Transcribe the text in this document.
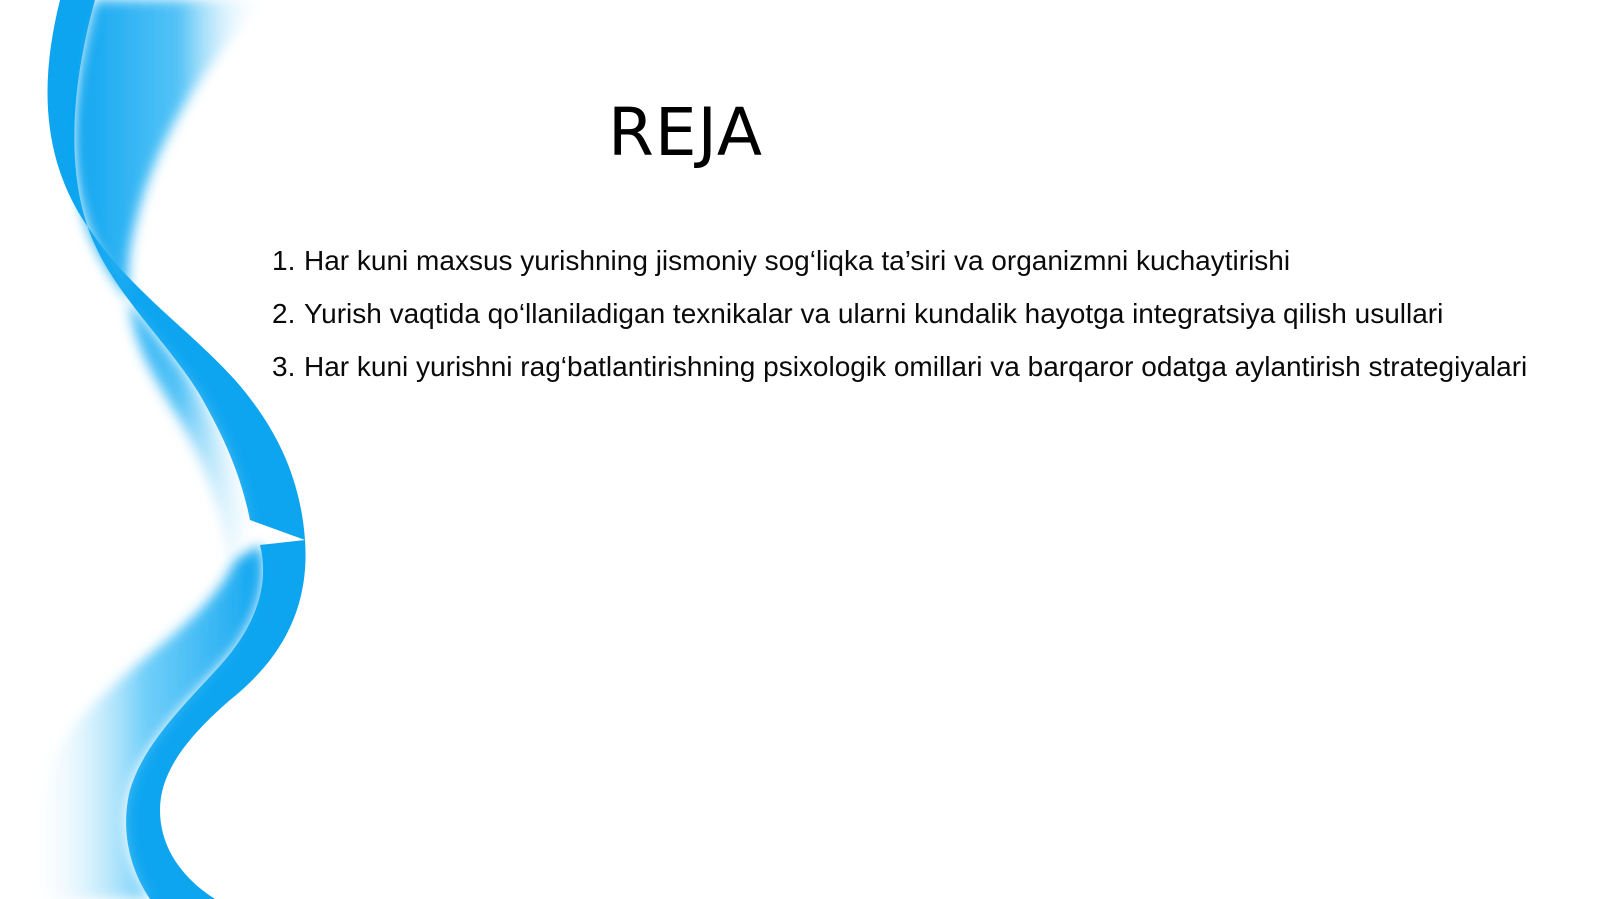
REJA
1. Har kuni maxsus yurishning jismoniy sog‘liqka ta’siri va organizmni kuchaytirishi
2. Yurish vaqtida qo‘llaniladigan texnikalar va ularni kundalik hayotga integratsiya qilish usullari
3. Har kuni yurishni rag‘batlantirishning psixologik omillari va barqaror odatga aylantirish strategiyalari
